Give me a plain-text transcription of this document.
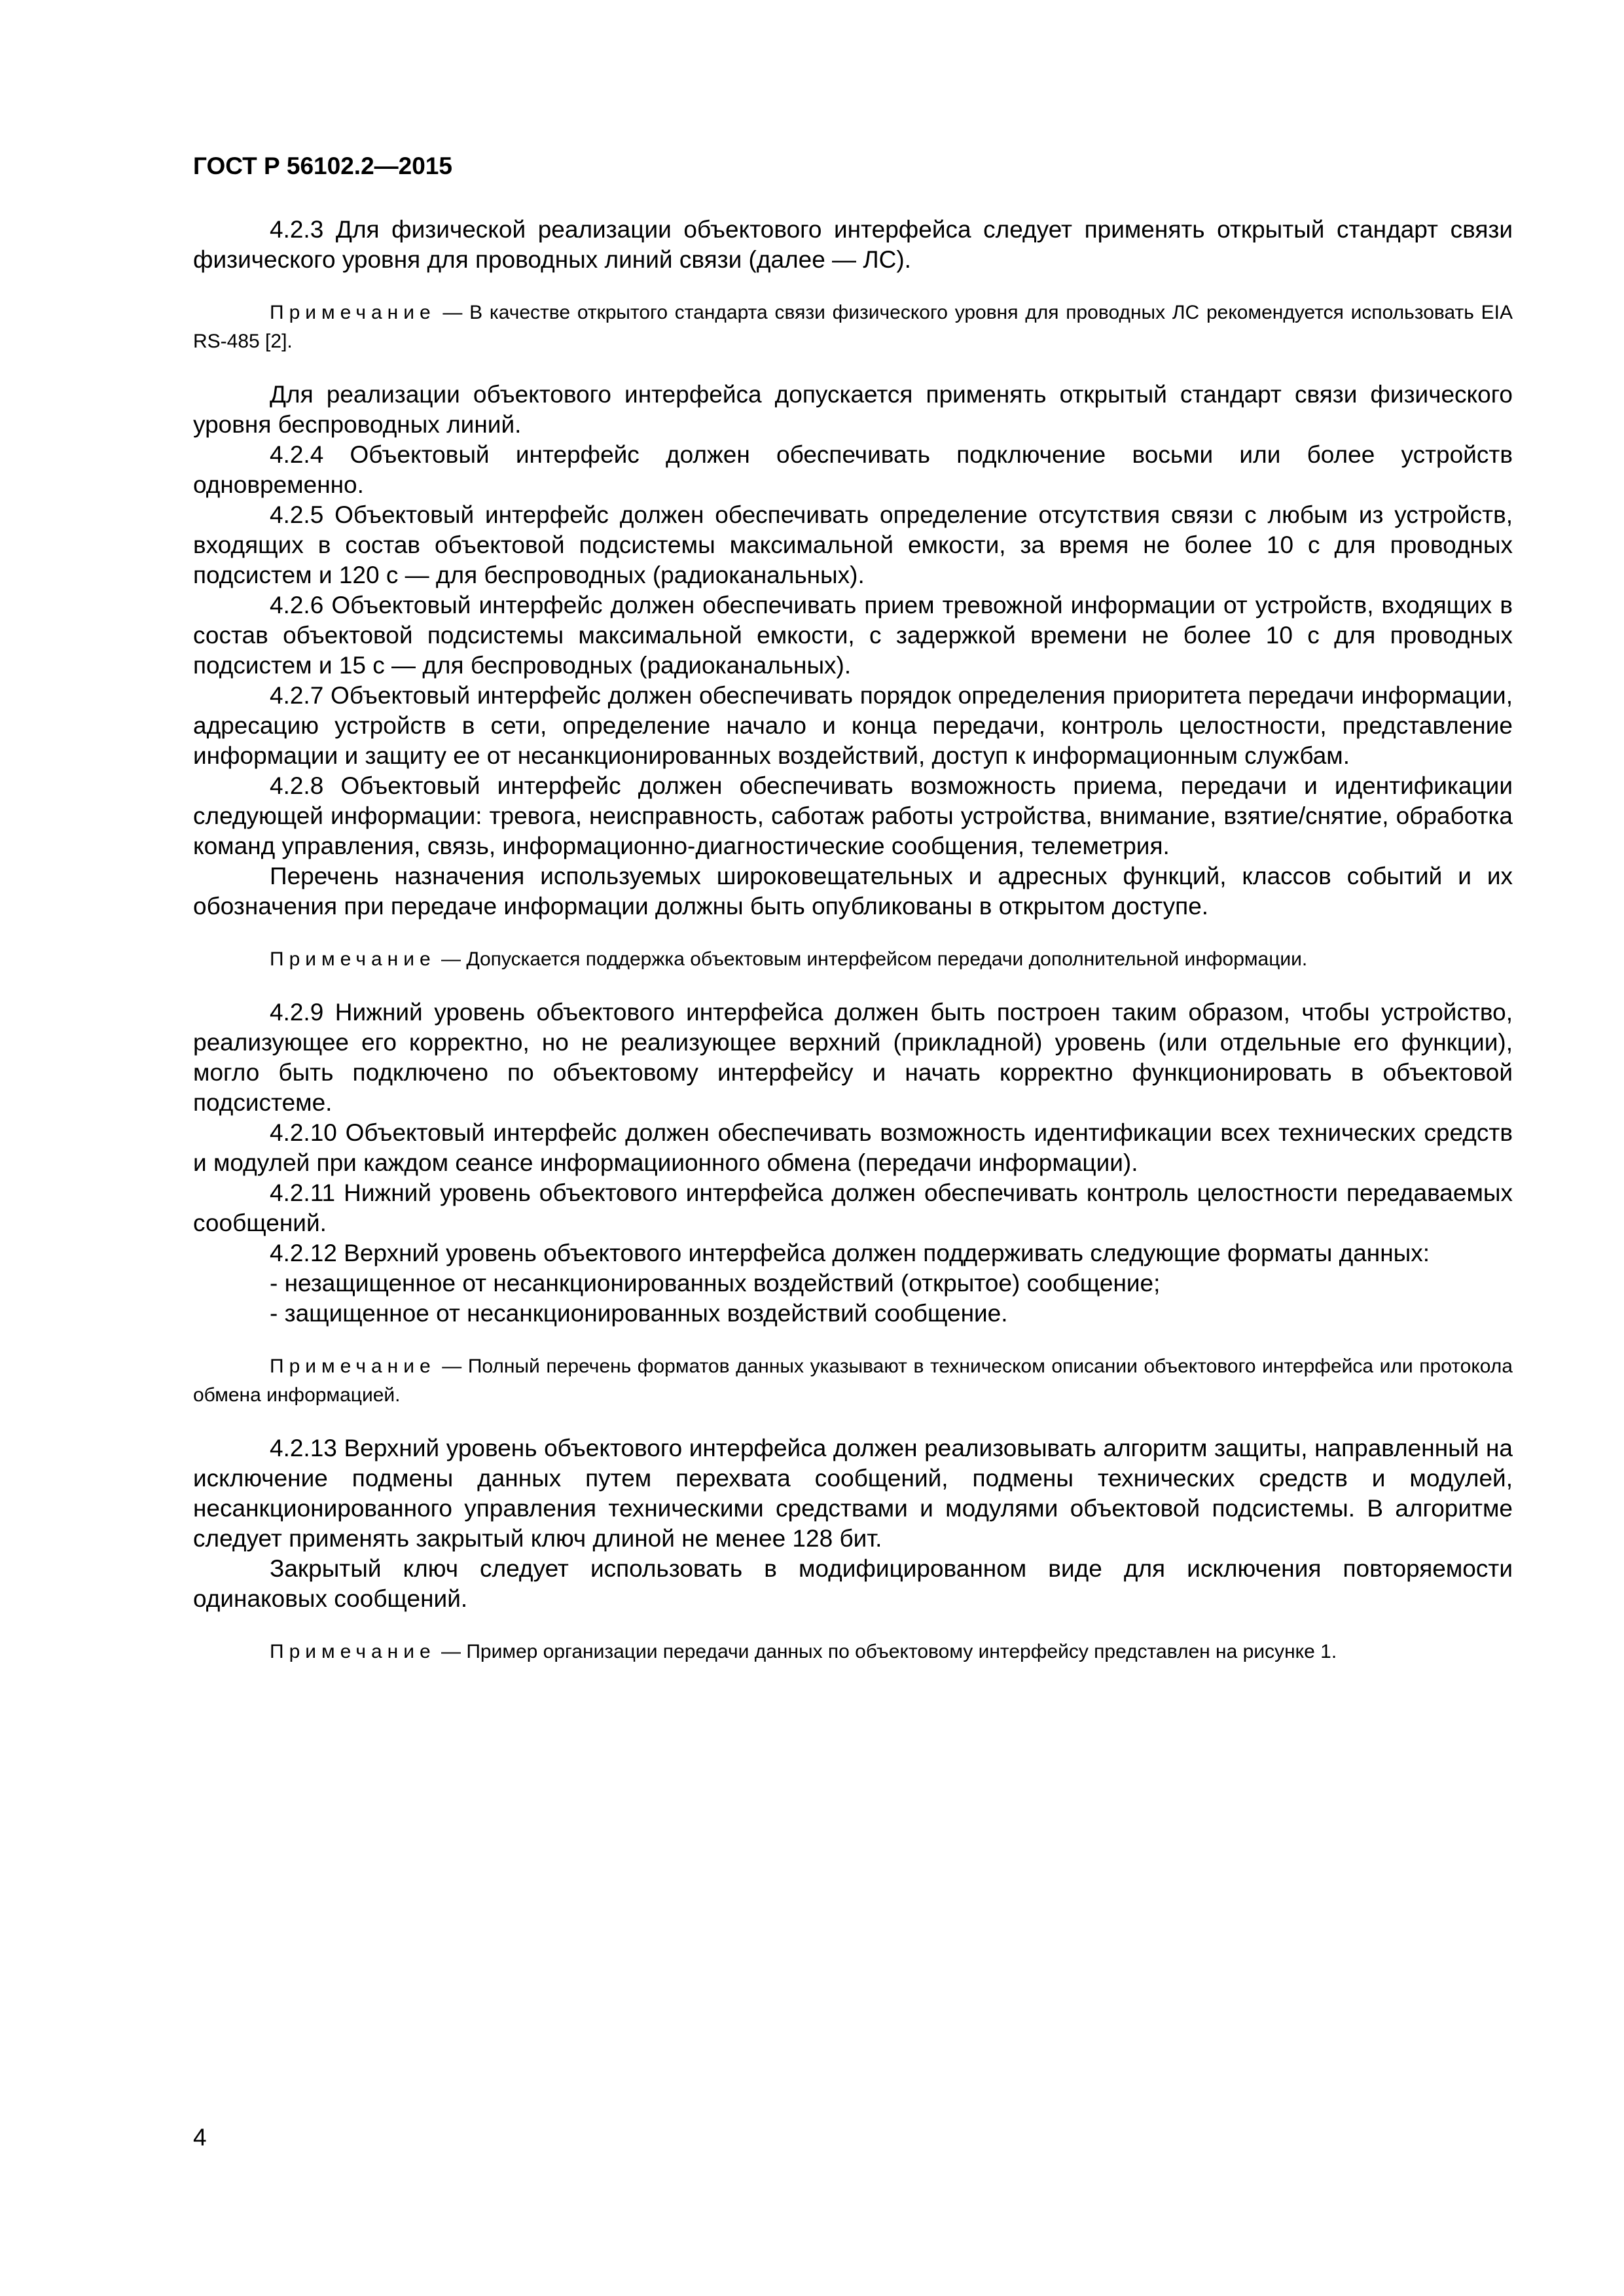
ГОСТ Р 56102.2—2015

4.2.3 Для физической реализации объектового интерфейса следует применять открытый стандарт связи физического уровня для проводных линий связи (далее — ЛС).

Примечание — В качестве открытого стандарта связи физического уровня для проводных ЛС рекомендуется использовать EIA RS-485 [2].

Для реализации объектового интерфейса допускается применять открытый стандарт связи физического уровня беспроводных линий.

4.2.4 Объектовый интерфейс должен обеспечивать подключение восьми или более устройств одновременно.

4.2.5 Объектовый интерфейс должен обеспечивать определение отсутствия связи с любым из устройств, входящих в состав объектовой подсистемы максимальной емкости, за время не более 10 с для проводных подсистем и 120 с — для беспроводных (радиоканальных).

4.2.6 Объектовый интерфейс должен обеспечивать прием тревожной информации от устройств, входящих в состав объектовой подсистемы максимальной емкости, с задержкой времени не более 10 с для проводных подсистем и 15 с — для беспроводных (радиоканальных).

4.2.7 Объектовый интерфейс должен обеспечивать порядок определения приоритета передачи информации, адресацию устройств в сети, определение начало и конца передачи, контроль целостности, представление информации и защиту ее от несанкционированных воздействий, доступ к информационным службам.

4.2.8 Объектовый интерфейс должен обеспечивать возможность приема, передачи и идентификации следующей информации: тревога, неисправность, саботаж работы устройства, внимание, взятие/снятие, обработка команд управления, связь, информационно-диагностические сообщения, телеметрия.

Перечень назначения используемых широковещательных и адресных функций, классов событий и их обозначения при передаче информации должны быть опубликованы в открытом доступе.

Примечание — Допускается поддержка объектовым интерфейсом передачи дополнительной информации.

4.2.9 Нижний уровень объектового интерфейса должен быть построен таким образом, чтобы устройство, реализующее его корректно, но не реализующее верхний (прикладной) уровень (или отдельные его функции), могло быть подключено по объектовому интерфейсу и начать корректно функционировать в объектовой подсистеме.

4.2.10 Объектовый интерфейс должен обеспечивать возможность идентификации всех технических средств и модулей при каждом сеансе информациионного обмена (передачи информации).

4.2.11 Нижний уровень объектового интерфейса должен обеспечивать контроль целостности передаваемых сообщений.

4.2.12 Верхний уровень объектового интерфейса должен поддерживать следующие форматы данных:

- незащищенное от несанкционированных воздействий (открытое) сообщение;

- защищенное от несанкционированных воздействий сообщение.

Примечание — Полный перечень форматов данных указывают в техническом описании объектового интерфейса или протокола обмена информацией.

4.2.13 Верхний уровень объектового интерфейса должен реализовывать алгоритм защиты, направленный на исключение подмены данных путем перехвата сообщений, подмены технических средств и модулей, несанкционированного управления техническими средствами и модулями объектовой подсистемы. В алгоритме следует применять закрытый ключ длиной не менее 128 бит.

Закрытый ключ следует использовать в модифицированном виде для исключения повторяемости одинаковых сообщений.

Примечание — Пример организации передачи данных по объектовому интерфейсу представлен на рисунке 1.

4
